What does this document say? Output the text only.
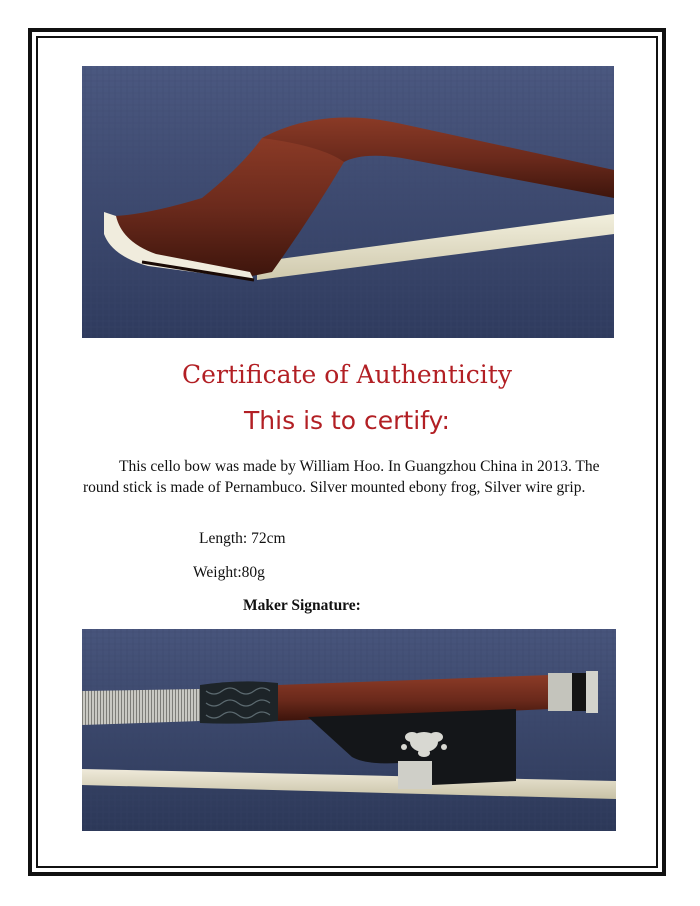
Certificate of Authenticity
This is to certify:
This cello bow was made by William Hoo. In Guangzhou China in 2013. The round stick is made of Pernambuco. Silver mounted ebony frog, Silver wire grip.
Length: 72cm
Weight:80g
Maker Signature:
